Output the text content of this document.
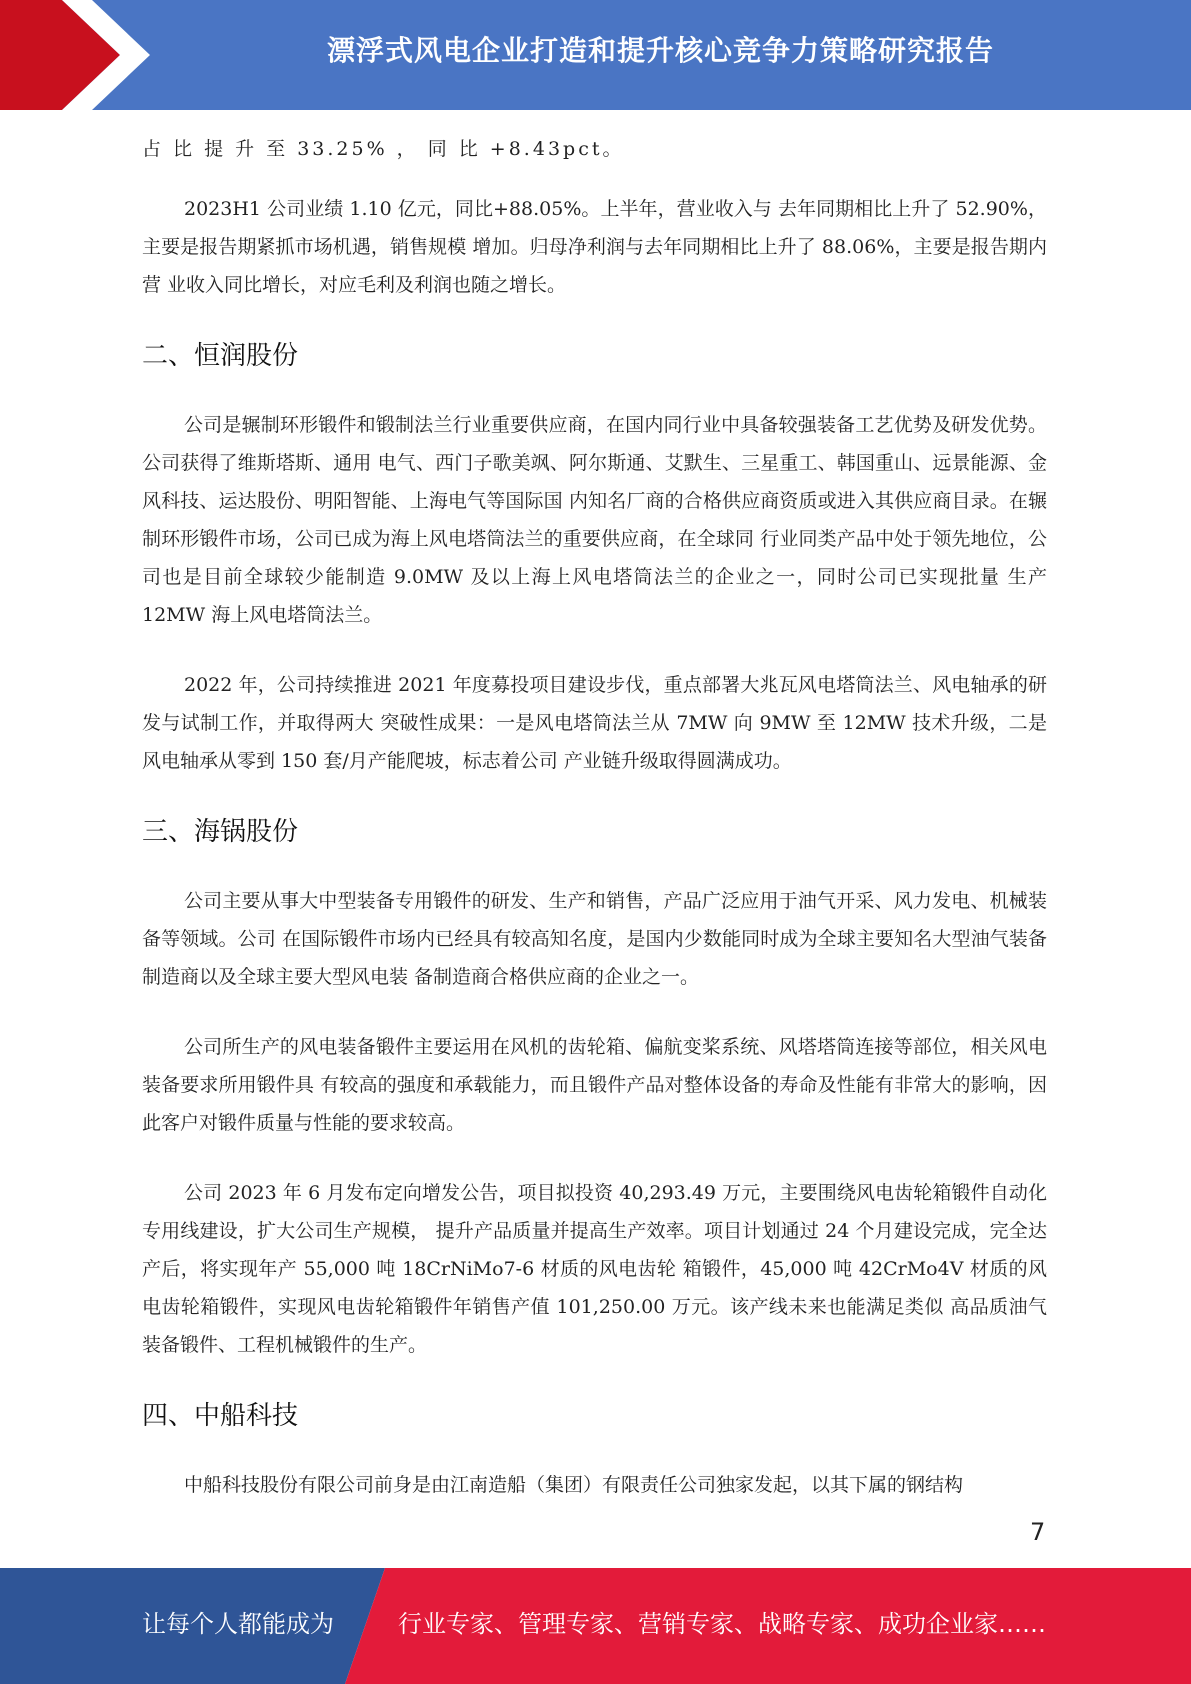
漂浮式风电企业打造和提升核心竞争力策略研究报告

占 比 提 升 至 33.25% ， 同 比 +8.43pct。

2023H1 公司业绩 1.10 亿元，同比+88.05%。上半年，营业收入与 去年同期相比上升了 52.90%，主要是报告期紧抓市场机遇，销售规模 增加。归母净利润与去年同期相比上升了 88.06%，主要是报告期内营 业收入同比增长，对应毛利及利润也随之增长。

二、恒润股份

公司是辗制环形锻件和锻制法兰行业重要供应商，在国内同行业中具备较强装备工艺优势及研发优势。公司获得了维斯塔斯、通用 电气、西门子歌美飒、阿尔斯通、艾默生、三星重工、韩国重山、远景能源、金风科技、运达股份、明阳智能、上海电气等国际国 内知名厂商的合格供应商资质或进入其供应商目录。在辗制环形锻件市场，公司已成为海上风电塔筒法兰的重要供应商，在全球同 行业同类产品中处于领先地位，公司也是目前全球较少能制造 9.0MW 及以上海上风电塔筒法兰的企业之一，同时公司已实现批量 生产 12MW 海上风电塔筒法兰。

2022 年，公司持续推进 2021 年度募投项目建设步伐，重点部署大兆瓦风电塔筒法兰、风电轴承的研发与试制工作，并取得两大 突破性成果：一是风电塔筒法兰从 7MW 向 9MW 至 12MW 技术升级，二是风电轴承从零到 150 套/月产能爬坡，标志着公司 产业链升级取得圆满成功。

三、海锅股份

公司主要从事大中型装备专用锻件的研发、生产和销售，产品广泛应用于油气开采、风力发电、机械装备等领域。公司 在国际锻件市场内已经具有较高知名度，是国内少数能同时成为全球主要知名大型油气装备制造商以及全球主要大型风电装 备制造商合格供应商的企业之一。

公司所生产的风电装备锻件主要运用在风机的齿轮箱、偏航变桨系统、风塔塔筒连接等部位，相关风电装备要求所用锻件具 有较高的强度和承载能力，而且锻件产品对整体设备的寿命及性能有非常大的影响，因此客户对锻件质量与性能的要求较高。

公司 2023 年 6 月发布定向增发公告，项目拟投资 40,293.49 万元，主要围绕风电齿轮箱锻件自动化专用线建设，扩大公司生产规模， 提升产品质量并提高生产效率。项目计划通过 24 个月建设完成，完全达产后，将实现年产 55,000 吨 18CrNiMo7-6 材质的风电齿轮 箱锻件，45,000 吨 42CrMo4V 材质的风电齿轮箱锻件，实现风电齿轮箱锻件年销售产值 101,250.00 万元。该产线未来也能满足类似 高品质油气装备锻件、工程机械锻件的生产。

四、中船科技

中船科技股份有限公司前身是由江南造船（集团）有限责任公司独家发起，以其下属的钢结构

7
让每个人都能成为	行业专家、管理专家、营销专家、战略专家、成功企业家……
